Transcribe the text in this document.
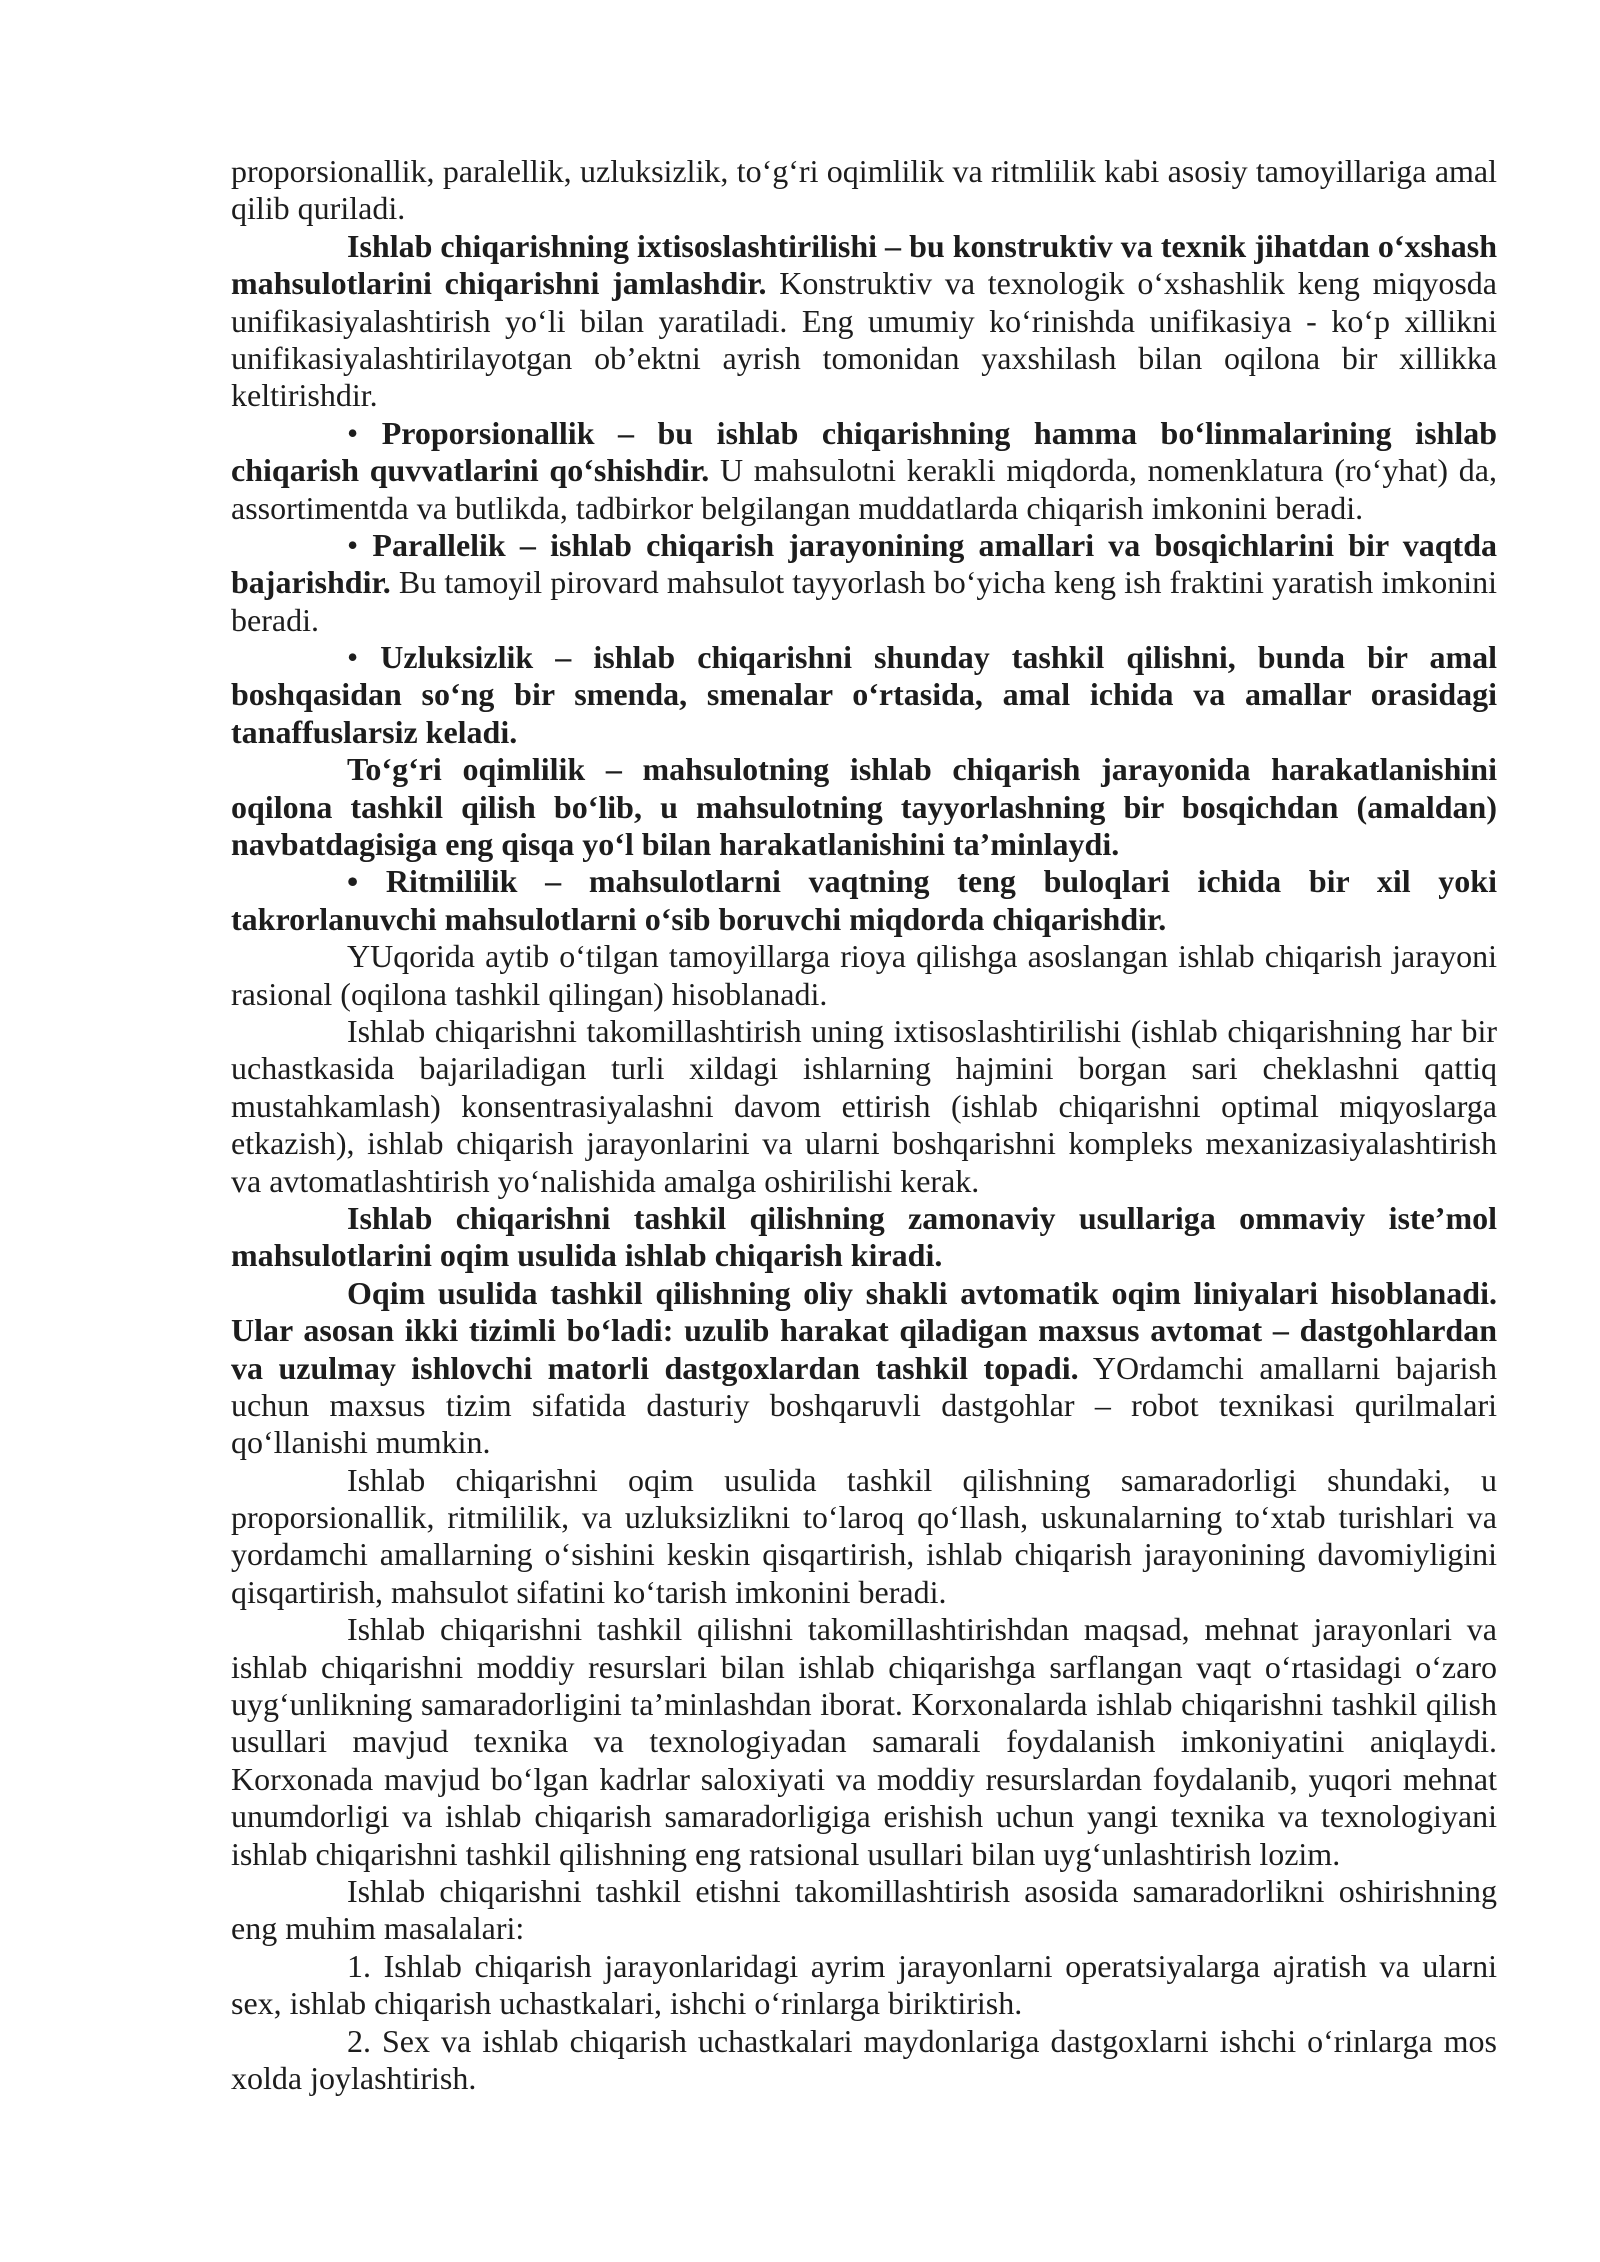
proporsionallik, paralellik, uzluksizlik, to‘g‘ri oqimlilik va ritmlilik kabi asosiy tamoyillariga amal
qilib quriladi.
Ishlab chiqarishning ixtisoslashtirilishi – bu konstruktiv va texnik jihatdan o‘xshash
mahsulotlarini chiqarishni jamlashdir. Konstruktiv va texnologik o‘xshashlik keng miqyosda
unifikasiyalashtirish yo‘li bilan yaratiladi. Eng umumiy ko‘rinishda unifikasiya - ko‘p xillikni
unifikasiyalashtirilayotgan ob’ektni ayrish tomonidan yaxshilash bilan oqilona bir xillikka
keltirishdir.
• Proporsionallik – bu ishlab chiqarishning hamma bo‘linmalarining ishlab
chiqarish quvvatlarini qo‘shishdir. U mahsulotni kerakli miqdorda, nomenklatura (ro‘yhat) da,
assortimentda va butlikda, tadbirkor belgilangan muddatlarda chiqarish imkonini beradi.
• Parallelik – ishlab chiqarish jarayonining amallari va bosqichlarini bir vaqtda
bajarishdir. Bu tamoyil pirovard mahsulot tayyorlash bo‘yicha keng ish fraktini yaratish imkonini
beradi.
• Uzluksizlik – ishlab chiqarishni shunday tashkil qilishni, bunda bir amal
boshqasidan so‘ng bir smenda, smenalar o‘rtasida, amal ichida va amallar orasidagi
tanaffuslarsiz keladi.
To‘g‘ri oqimlilik – mahsulotning ishlab chiqarish jarayonida harakatlanishini
oqilona tashkil qilish bo‘lib, u mahsulotning tayyorlashning bir bosqichdan (amaldan)
navbatdagisiga eng qisqa yo‘l bilan harakatlanishini ta’minlaydi.
• Ritmililik – mahsulotlarni vaqtning teng buloqlari ichida bir xil yoki
takrorlanuvchi mahsulotlarni o‘sib boruvchi miqdorda chiqarishdir.
YUqorida aytib o‘tilgan tamoyillarga rioya qilishga asoslangan ishlab chiqarish jarayoni
rasional (oqilona tashkil qilingan) hisoblanadi.
Ishlab chiqarishni takomillashtirish uning ixtisoslashtirilishi (ishlab chiqarishning har bir
uchastkasida bajariladigan turli xildagi ishlarning hajmini borgan sari cheklashni qattiq
mustahkamlash) konsentrasiyalashni davom ettirish (ishlab chiqarishni optimal miqyoslarga
etkazish), ishlab chiqarish jarayonlarini va ularni boshqarishni kompleks mexanizasiyalashtirish
va avtomatlashtirish yo‘nalishida amalga oshirilishi kerak.
Ishlab chiqarishni tashkil qilishning zamonaviy usullariga ommaviy iste’mol
mahsulotlarini oqim usulida ishlab chiqarish kiradi.
Oqim usulida tashkil qilishning oliy shakli avtomatik oqim liniyalari hisoblanadi.
Ular asosan ikki tizimli bo‘ladi: uzulib harakat qiladigan maxsus avtomat – dastgohlardan
va uzulmay ishlovchi matorli dastgoxlardan tashkil topadi. YOrdamchi amallarni bajarish
uchun maxsus tizim sifatida dasturiy boshqaruvli dastgohlar – robot texnikasi qurilmalari
qo‘llanishi mumkin.
Ishlab chiqarishni oqim usulida tashkil qilishning samaradorligi shundaki, u
proporsionallik, ritmililik, va uzluksizlikni to‘laroq qo‘llash, uskunalarning to‘xtab turishlari va
yordamchi amallarning o‘sishini keskin qisqartirish, ishlab chiqarish jarayonining davomiyligini
qisqartirish, mahsulot sifatini ko‘tarish imkonini beradi.
Ishlab chiqarishni tashkil qilishni takomillashtirishdan maqsad, mehnat jarayonlari va
ishlab chiqarishni moddiy resurslari bilan ishlab chiqarishga sarflangan vaqt o‘rtasidagi o‘zaro
uyg‘unlikning samaradorligini ta’minlashdan iborat. Korxonalarda ishlab chiqarishni tashkil qilish
usullari mavjud texnika va texnologiyadan samarali foydalanish imkoniyatini aniqlaydi.
Korxonada mavjud bo‘lgan kadrlar saloxiyati va moddiy resurslardan foydalanib, yuqori mehnat
unumdorligi va ishlab chiqarish samaradorligiga erishish uchun yangi texnika va texnologiyani
ishlab chiqarishni tashkil qilishning eng ratsional usullari bilan uyg‘unlashtirish lozim.
Ishlab chiqarishni tashkil etishni takomillashtirish asosida samaradorlikni oshirishning
eng muhim masalalari:
1. Ishlab chiqarish jarayonlaridagi ayrim jarayonlarni operatsiyalarga ajratish va ularni
sex, ishlab chiqarish uchastkalari, ishchi o‘rinlarga biriktirish.
2. Sex va ishlab chiqarish uchastkalari maydonlariga dastgoxlarni ishchi o‘rinlarga mos
xolda joylashtirish.
